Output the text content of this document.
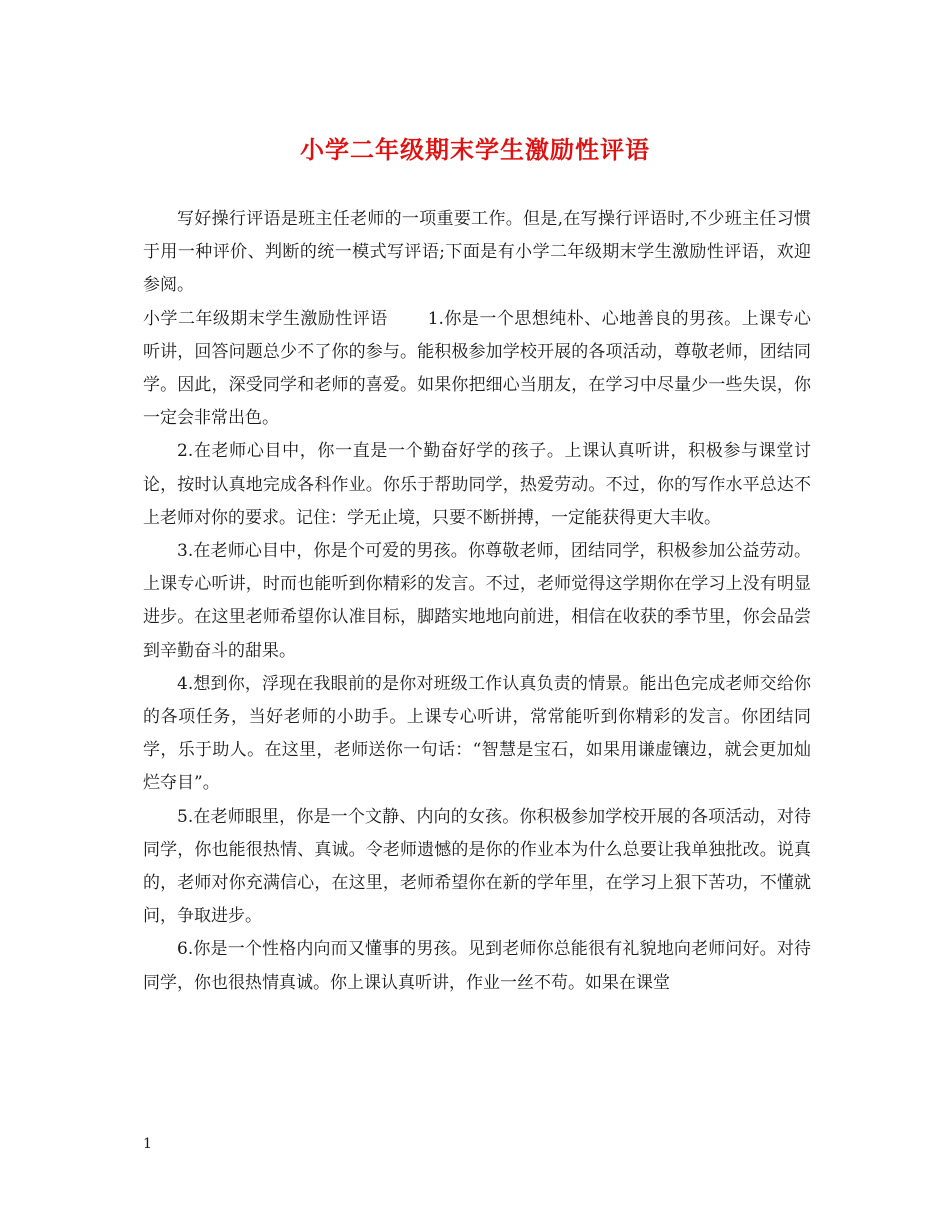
小学二年级期末学生激励性评语

写好操行评语是班主任老师的一项重要工作。但是,在写操行评语时,不少班主任习惯于用一种评价、判断的统一模式写评语;下面是有小学二年级期末学生激励性评语，欢迎参阅。

小学二年级期末学生激励性评语 1.你是一个思想纯朴、心地善良的男孩。上课专心听讲，回答问题总少不了你的参与。能积极参加学校开展的各项活动，尊敬老师，团结同学。因此，深受同学和老师的喜爱。如果你把细心当朋友，在学习中尽量少一些失误，你一定会非常出色。

2.在老师心目中，你一直是一个勤奋好学的孩子。上课认真听讲，积极参与课堂讨论，按时认真地完成各科作业。你乐于帮助同学，热爱劳动。不过，你的写作水平总达不上老师对你的要求。记住：学无止境，只要不断拼搏，一定能获得更大丰收。

3.在老师心目中，你是个可爱的男孩。你尊敬老师，团结同学，积极参加公益劳动。上课专心听讲，时而也能听到你精彩的发言。不过，老师觉得这学期你在学习上没有明显进步。在这里老师希望你认准目标，脚踏实地地向前进，相信在收获的季节里，你会品尝到辛勤奋斗的甜果。

4.想到你，浮现在我眼前的是你对班级工作认真负责的情景。能出色完成老师交给你的各项任务，当好老师的小助手。上课专心听讲，常常能听到你精彩的发言。你团结同学，乐于助人。在这里，老师送你一句话：“智慧是宝石，如果用谦虚镶边，就会更加灿烂夺目”。

5.在老师眼里，你是一个文静、内向的女孩。你积极参加学校开展的各项活动，对待同学，你也能很热情、真诚。令老师遗憾的是你的作业本为什么总要让我单独批改。说真的，老师对你充满信心，在这里，老师希望你在新的学年里，在学习上狠下苦功，不懂就问，争取进步。

6.你是一个性格内向而又懂事的男孩。见到老师你总能很有礼貌地向老师问好。对待同学，你也很热情真诚。你上课认真听讲，作业一丝不苟。如果在课堂

1
